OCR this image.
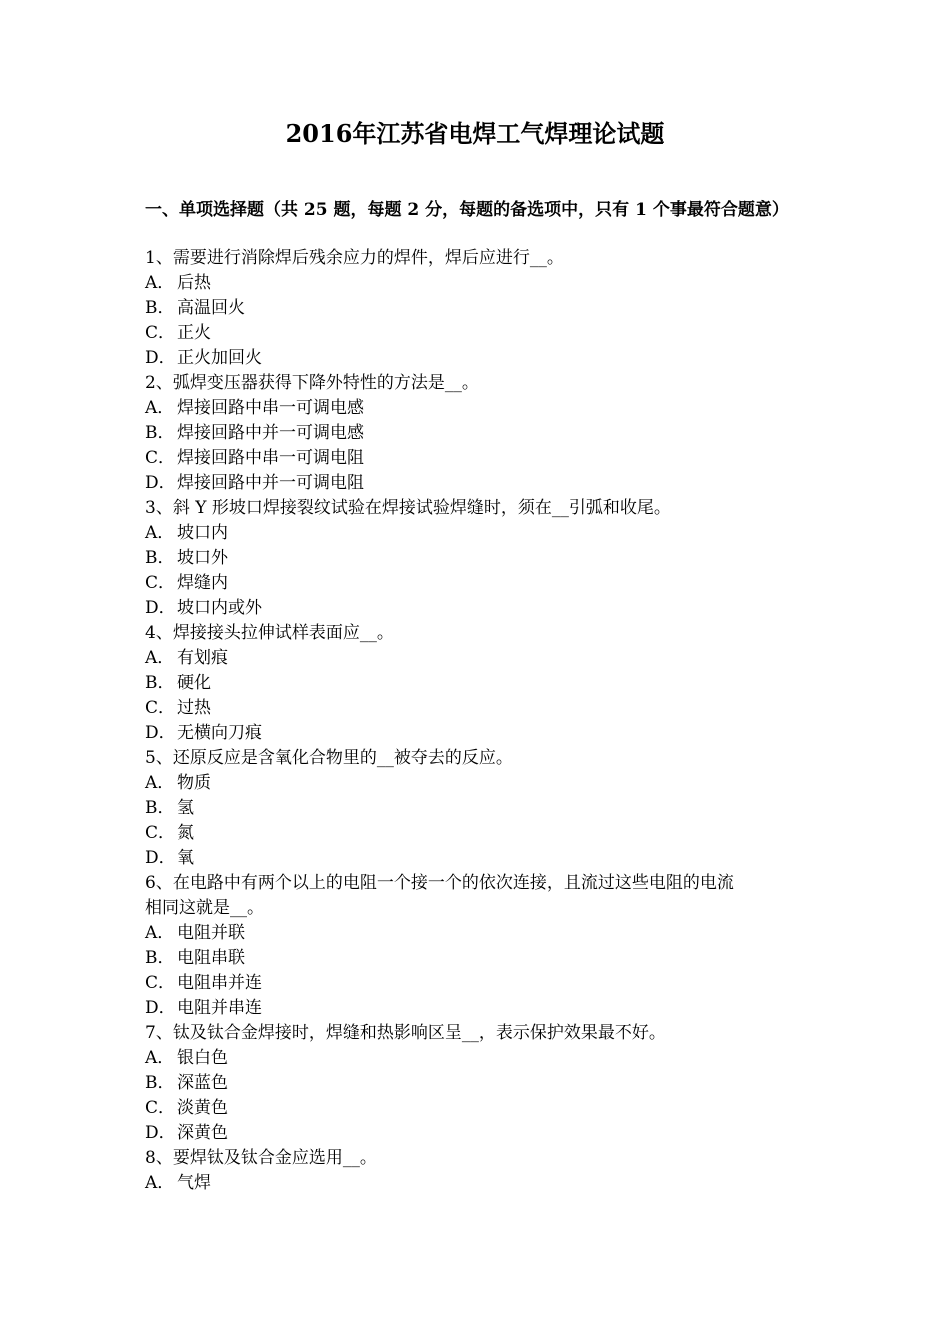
2016年江苏省电焊工气焊理论试题
一、单项选择题（共 25 题，每题 2 分，每题的备选项中，只有 1 个事最符合题意）
1、需要进行消除焊后残余应力的焊件，焊后应进行__。
A． 后热
B． 高温回火
C． 正火
D．正火加回火
2、弧焊变压器获得下降外特性的方法是__。
A． 焊接回路中串一可调电感
B． 焊接回路中并一可调电感
C． 焊接回路中串一可调电阻
D．焊接回路中并一可调电阻
3、斜 Y 形坡口焊接裂纹试验在焊接试验焊缝时，须在__引弧和收尾。
A． 坡口内
B． 坡口外
C． 焊缝内
D．坡口内或外
4、焊接接头拉伸试样表面应__。
A． 有划痕
B． 硬化
C． 过热
D．无横向刀痕
5、还原反应是含氧化合物里的__被夺去的反应。
A． 物质
B． 氢
C． 氮
D．氧
6、在电路中有两个以上的电阻一个接一个的依次连接，且流过这些电阻的电流
相同这就是__。
A． 电阻并联
B． 电阻串联
C． 电阻串并连
D．电阻并串连
7、钛及钛合金焊接时，焊缝和热影响区呈__，表示保护效果最不好。
A． 银白色
B． 深蓝色
C． 淡黄色
D．深黄色
8、要焊钛及钛合金应选用__。
A． 气焊
